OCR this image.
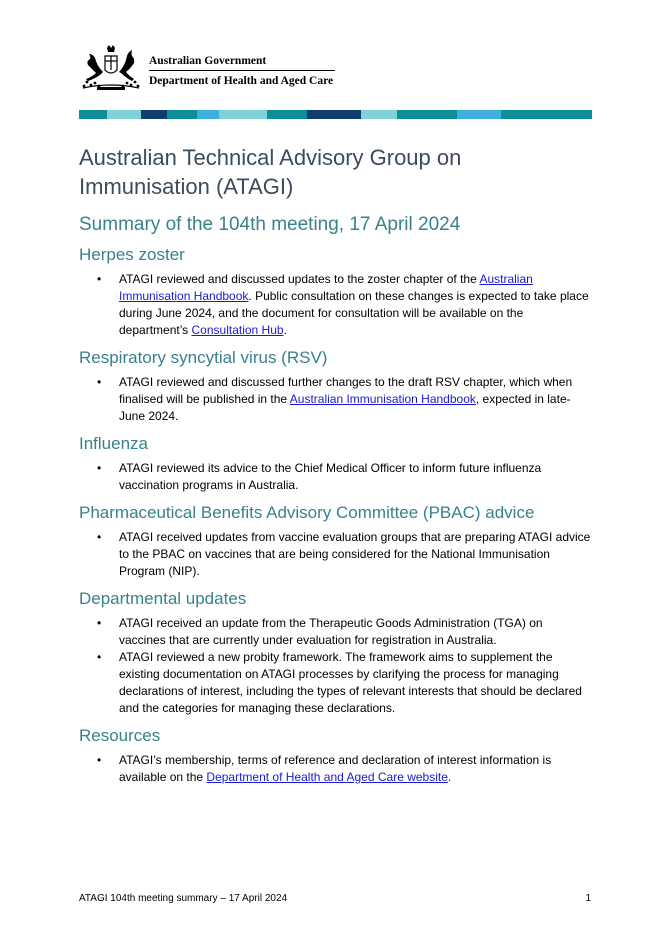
Australian Government
Department of Health and Aged Care
Australian Technical Advisory Group on Immunisation (ATAGI)
Summary of the 104th meeting, 17 April 2024
Herpes zoster
• ATAGI reviewed and discussed updates to the zoster chapter of the Australian Immunisation Handbook. Public consultation on these changes is expected to take place during June 2024, and the document for consultation will be available on the department’s Consultation Hub.
Respiratory syncytial virus (RSV)
• ATAGI reviewed and discussed further changes to the draft RSV chapter, which when finalised will be published in the Australian Immunisation Handbook, expected in late-June 2024.
Influenza
• ATAGI reviewed its advice to the Chief Medical Officer to inform future influenza vaccination programs in Australia.
Pharmaceutical Benefits Advisory Committee (PBAC) advice
• ATAGI received updates from vaccine evaluation groups that are preparing ATAGI advice to the PBAC on vaccines that are being considered for the National Immunisation Program (NIP).
Departmental updates
• ATAGI received an update from the Therapeutic Goods Administration (TGA) on vaccines that are currently under evaluation for registration in Australia.
• ATAGI reviewed a new probity framework. The framework aims to supplement the existing documentation on ATAGI processes by clarifying the process for managing declarations of interest, including the types of relevant interests that should be declared and the categories for managing these declarations.
Resources
• ATAGI’s membership, terms of reference and declaration of interest information is available on the Department of Health and Aged Care website.
ATAGI 104th meeting summary – 17 April 2024	1
